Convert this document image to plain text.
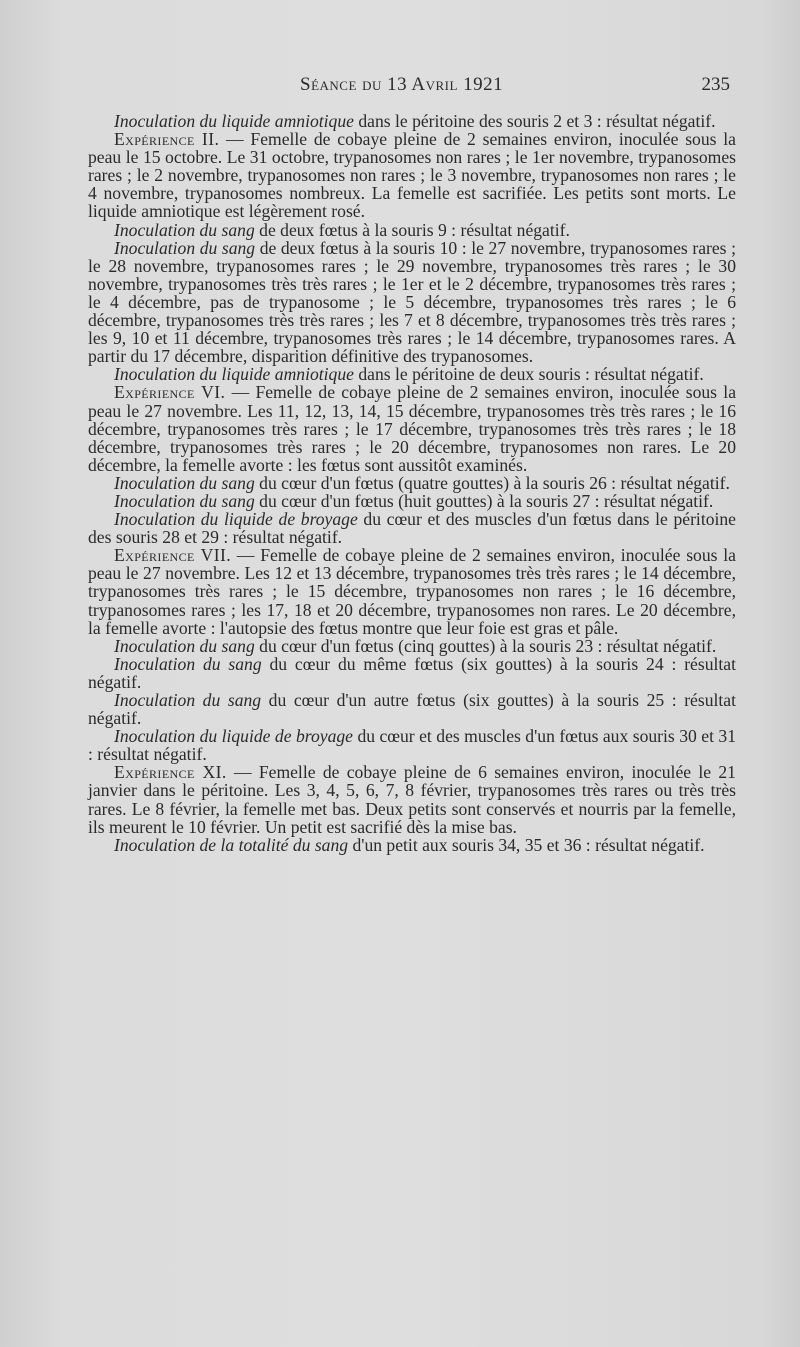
Séance du 13 Avril 1921	235

Inoculation du liquide amniotique dans le péritoine des souris 2 et 3 : résultat négatif.

Expérience II. — Femelle de cobaye pleine de 2 semaines environ, inoculée sous la peau le 15 octobre. Le 31 octobre, trypanosomes non rares ; le 1er novembre, trypanosomes rares ; le 2 novembre, trypanosomes non rares ; le 3 novembre, trypanosomes non rares ; le 4 novembre, trypanosomes nombreux. La femelle est sacrifiée. Les petits sont morts. Le liquide amniotique est légèrement rosé.

Inoculation du sang de deux fœtus à la souris 9 : résultat négatif.

Inoculation du sang de deux fœtus à la souris 10 : le 27 novembre, trypanosomes rares ; le 28 novembre, trypanosomes rares ; le 29 novembre, trypanosomes très rares ; le 30 novembre, trypanosomes très très rares ; le 1er et le 2 décembre, trypanosomes très rares ; le 4 décembre, pas de trypanosome ; le 5 décembre, trypanosomes très rares ; le 6 décembre, trypanosomes très très rares ; les 7 et 8 décembre, trypanosomes très très rares ; les 9, 10 et 11 décembre, trypanosomes très rares ; le 14 décembre, trypanosomes rares. A partir du 17 décembre, disparition définitive des trypanosomes.

Inoculation du liquide amniotique dans le péritoine de deux souris : résultat négatif.

Expérience VI. — Femelle de cobaye pleine de 2 semaines environ, inoculée sous la peau le 27 novembre. Les 11, 12, 13, 14, 15 décembre, trypanosomes très très rares ; le 16 décembre, trypanosomes très rares ; le 17 décembre, trypanosomes très très rares ; le 18 décembre, trypanosomes très rares ; le 20 décembre, trypanosomes non rares. Le 20 décembre, la femelle avorte : les fœtus sont aussitôt examinés.

Inoculation du sang du cœur d'un fœtus (quatre gouttes) à la souris 26 : résultat négatif.

Inoculation du sang du cœur d'un fœtus (huit gouttes) à la souris 27 : résultat négatif.

Inoculation du liquide de broyage du cœur et des muscles d'un fœtus dans le péritoine des souris 28 et 29 : résultat négatif.

Expérience VII. — Femelle de cobaye pleine de 2 semaines environ, inoculée sous la peau le 27 novembre. Les 12 et 13 décembre, trypanosomes très très rares ; le 14 décembre, trypanosomes très rares ; le 15 décembre, trypanosomes non rares ; le 16 décembre, trypanosomes rares ; les 17, 18 et 20 décembre, trypanosomes non rares. Le 20 décembre, la femelle avorte : l'autopsie des fœtus montre que leur foie est gras et pâle.

Inoculation du sang du cœur d'un fœtus (cinq gouttes) à la souris 23 : résultat négatif.

Inoculation du sang du cœur du même fœtus (six gouttes) à la souris 24 : résultat négatif.

Inoculation du sang du cœur d'un autre fœtus (six gouttes) à la souris 25 : résultat négatif.

Inoculation du liquide de broyage du cœur et des muscles d'un fœtus aux souris 30 et 31 : résultat négatif.

Expérience XI. — Femelle de cobaye pleine de 6 semaines environ, inoculée le 21 janvier dans le péritoine. Les 3, 4, 5, 6, 7, 8 février, trypanosomes très rares ou très très rares. Le 8 février, la femelle met bas. Deux petits sont conservés et nourris par la femelle, ils meurent le 10 février. Un petit est sacrifié dès la mise bas.

Inoculation de la totalité du sang d'un petit aux souris 34, 35 et 36 : résultat négatif.
